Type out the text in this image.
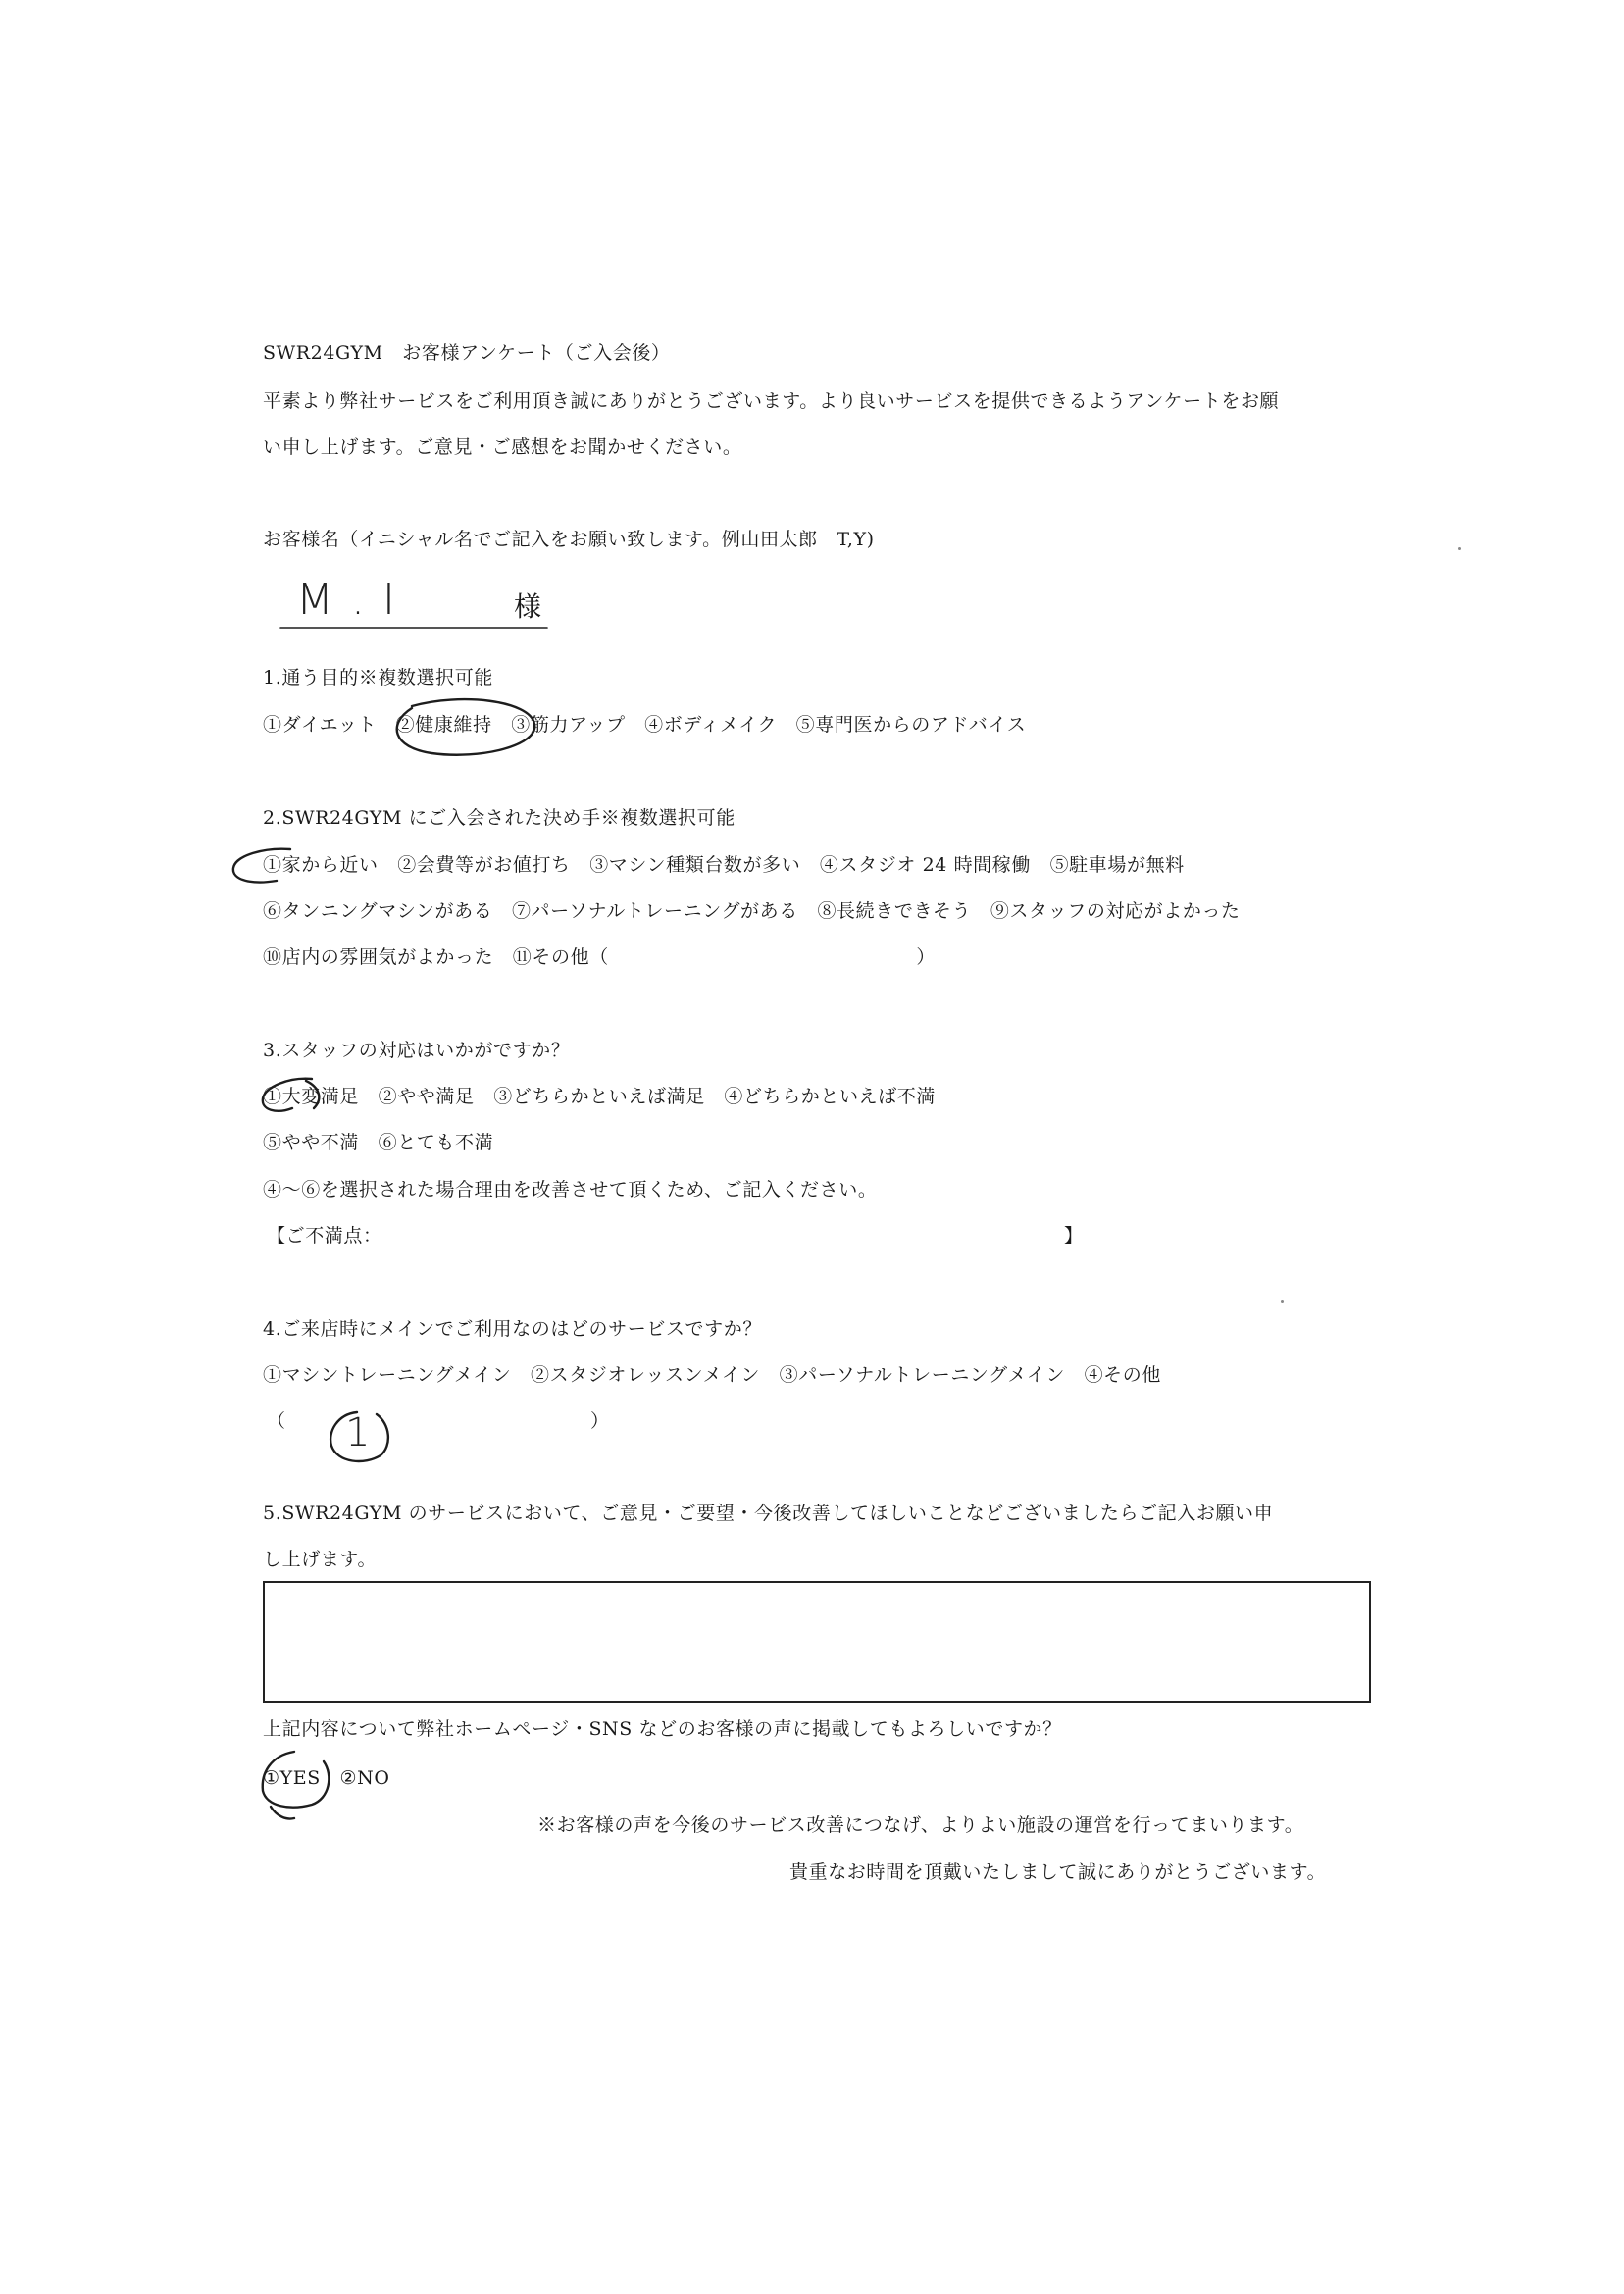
SWR24GYM　お客様アンケート（ご入会後）
平素より弊社サービスをご利用頂き誠にありがとうございます。より良いサービスを提供できるようアンケートをお願
い申し上げます。ご意見・ご感想をお聞かせください。
お客様名（イニシャル名でご記入をお願い致します。例山田太郎　T,Y)
M.I	様
1.通う目的※複数選択可能
①ダイエット　②健康維持　③筋力アップ　④ボディメイク　⑤専門医からのアドバイス
2.SWR24GYM にご入会された決め手※複数選択可能
①家から近い　②会費等がお値打ち　③マシン種類台数が多い　④スタジオ 24 時間稼働　⑤駐車場が無料
⑥タンニングマシンがある　⑦パーソナルトレーニングがある　⑧長続きできそう　⑨スタッフの対応がよかった
⑩店内の雰囲気がよかった　⑪その他（　　　　　　　　　　　　　　　　）
3.スタッフの対応はいかがですか？
①大変満足　②やや満足　③どちらかといえば満足　④どちらかといえば不満
⑤やや不満　⑥とても不満
④～⑥を選択された場合理由を改善させて頂くため、ご記入ください。
【ご不満点：	】
4.ご来店時にメインでご利用なのはどのサービスですか？
①マシントレーニングメイン　②スタジオレッスンメイン　③パーソナルトレーニングメイン　④その他
（	）
1
5.SWR24GYM のサービスにおいて、ご意見・ご要望・今後改善してほしいことなどございましたらご記入お願い申
し上げます。
上記内容について弊社ホームページ・SNS などのお客様の声に掲載してもよろしいですか？
①YES　②NO
※お客様の声を今後のサービス改善につなげ、よりよい施設の運営を行ってまいります。
貴重なお時間を頂戴いたしまして誠にありがとうございます。
